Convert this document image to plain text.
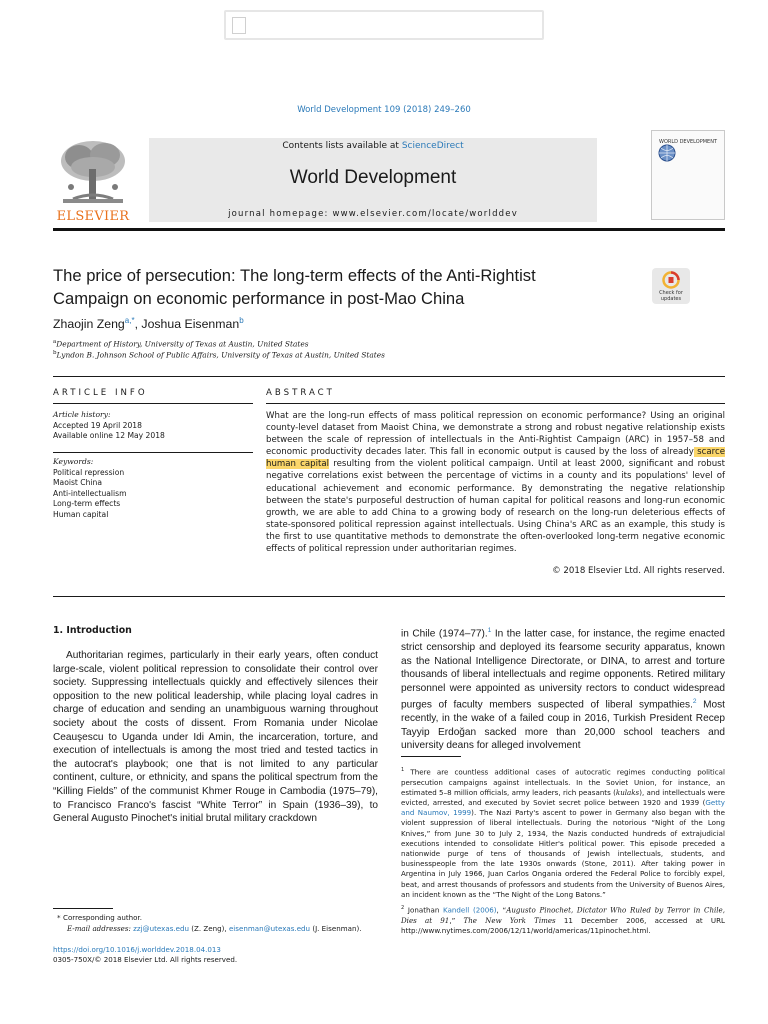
World Development 109 (2018) 249–260
ELSEVIER
Contents lists available at ScienceDirect
World Development
journal homepage: www.elsevier.com/locate/worlddev
WORLD DEVELOPMENT
The price of persecution: The long-term effects of the Anti-Rightist
Campaign on economic performance in post-Mao China	Check for updates
Zhaojin Zeng$^{a,*}$, Joshua Eisenman$^b$
$^a$Department of History, University of Texas at Austin, United States
$^b$Lyndon B. Johnson School of Public Affairs, University of Texas at Austin, United States
ARTICLE INFO	ABSTRACT
Article history:
Accepted 19 April 2018
Available online 12 May 2018
Keywords:
Political repression
Maoist China
Anti-intellectualism
Long-term effects
Human capital
What are the long-run effects of mass political repression on economic performance? Using an original county-level dataset from Maoist China, we demonstrate a strong and robust negative relationship exists between the scale of repression of intellectuals in the Anti-Rightist Campaign (ARC) in 1957–58 and economic productivity decades later. This fall in economic output is caused by the loss of already scarce human capital resulting from the violent political campaign. Until at least 2000, significant and robust negative correlations exist between the percentage of victims in a county and its populations' level of educational achievement and economic performance. By demonstrating the negative relationship between the state's purposeful destruction of human capital for political reasons and long-run economic growth, we are able to add China to a growing body of research on the long-run deleterious effects of state-sponsored political repression against intellectuals. Using China's ARC as an example, this study is the first to use quantitative methods to demonstrate the often-overlooked long-term negative economic effects of political repression under authoritarian regimes.
© 2018 Elsevier Ltd. All rights reserved.
1. Introduction
Authoritarian regimes, particularly in their early years, often conduct large-scale, violent political repression to consolidate their control over society. Suppressing intellectuals quickly and effectively silences their opposition to the new political leadership, while placing loyal cadres in charge of education and sending an unambiguous warning throughout society about the costs of dissent. From Romania under Nicolae Ceauşescu to Uganda under Idi Amin, the incarceration, torture, and execution of intellectuals is among the most tried and tested tactics in the autocrat's playbook; one that is not limited to any particular continent, culture, or ethnicity, and spans the political spectrum from the “Killing Fields” of the communist Khmer Rouge in Cambodia (1975–79), to Francisco Franco's fascist “White Terror” in Spain (1936–39), to General Augusto Pinochet's initial brutal military crackdown
in Chile (1974–77).$^1$ In the latter case, for instance, the regime enacted strict censorship and deployed its fearsome security apparatus, known as the National Intelligence Directorate, or DINA, to arrest and torture thousands of liberal intellectuals and regime opponents. Retired military personnel were appointed as university rectors to conduct widespread purges of faculty members suspected of liberal sympathies.$^2$ Most recently, in the wake of a failed coup in 2016, Turkish President Recep Tayyip Erdoğan sacked more than 20,000 school teachers and university deans for alleged involvement
$^1$ There are countless additional cases of autocratic regimes conducting political persecution campaigns against intellectuals. In the Soviet Union, for instance, an estimated 5–8 million officials, army leaders, rich peasants (kulaks), and intellectuals were evicted, arrested, and executed by Soviet secret police between 1920 and 1939 (Getty and Naumov, 1999). The Nazi Party's ascent to power in Germany also began with the violent suppression of liberal intellectuals. During the notorious “Night of the Long Knives,” from June 30 to July 2, 1934, the Nazis conducted hundreds of extrajudicial executions intended to consolidate Hitler's political power. This episode preceded a nationwide purge of tens of thousands of Jewish intellectuals, students, and businesspeople from the late 1930s onwards (Stone, 2011). After taking power in Argentina in July 1966, Juan Carlos Ongania ordered the Federal Police to forcibly expel, beat, and arrest thousands of professors and students from the University of Buenos Aires, an incident known as the “The Night of the Long Batons.”
$^2$ Jonathan Kandell (2006), “Augusto Pinochet, Dictator Who Ruled by Terror in Chile, Dies at 91,” The New York Times 11 December 2006, accessed at URL http://www.nytimes.com/2006/12/11/world/americas/11pinochet.html.
* Corresponding author.
E-mail addresses: zzj@utexas.edu (Z. Zeng), eisenman@utexas.edu (J. Eisenman).
https://doi.org/10.1016/j.worlddev.2018.04.013
0305-750X/© 2018 Elsevier Ltd. All rights reserved.
